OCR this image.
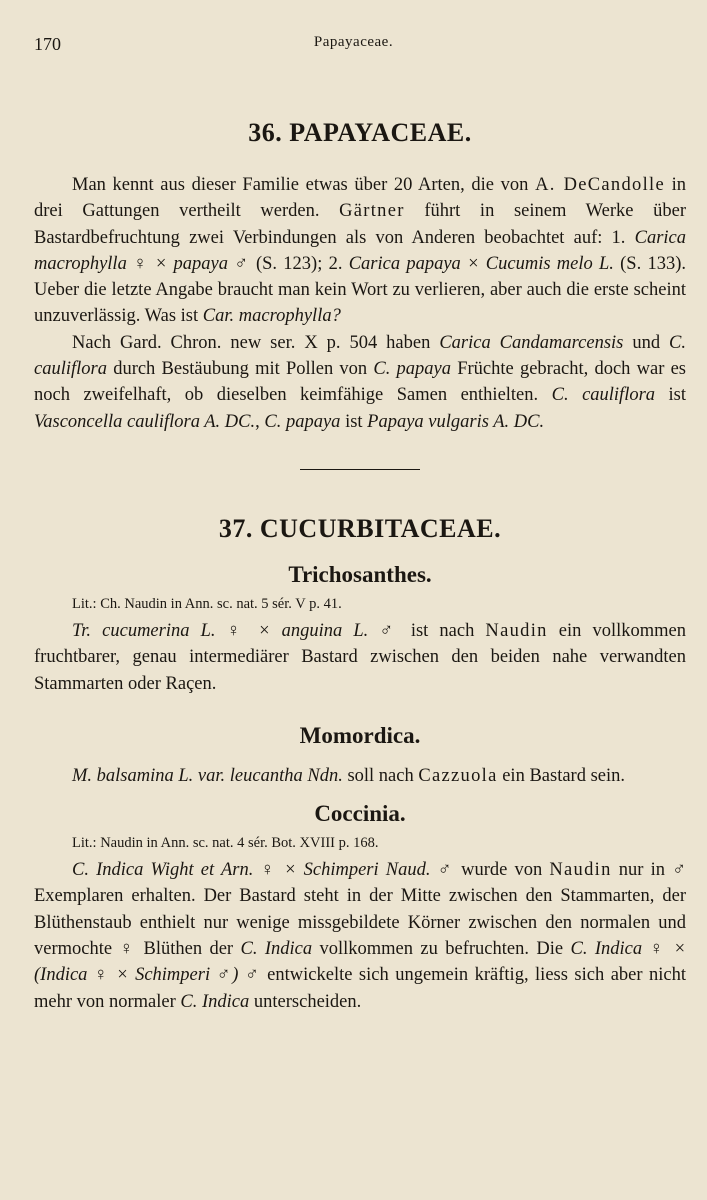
170	Papayaceae.
36. PAPAYACEAE.

Man kennt aus dieser Familie etwas über 20 Arten, die von A. DeCandolle in drei Gattungen vertheilt werden. Gärtner führt in seinem Werke über Bastardbefruchtung zwei Verbindungen als von Anderen beobachtet auf: 1. Carica macrophylla ♀ × papaya ♂ (S. 123); 2. Carica papaya × Cucumis melo L. (S. 133). Ueber die letzte Angabe braucht man kein Wort zu verlieren, aber auch die erste scheint unzuverlässig. Was ist Car. macrophylla?

Nach Gard. Chron. new ser. X p. 504 haben Carica Candamarcensis und C. cauliflora durch Bestäubung mit Pollen von C. papaya Früchte gebracht, doch war es noch zweifelhaft, ob dieselben keimfähige Samen enthielten. C. cauliflora ist Vasconcella cauliflora A. DC., C. papaya ist Papaya vulgaris A. DC.

37. CUCURBITACEAE.
Trichosanthes.

Lit.: Ch. Naudin in Ann. sc. nat. 5 sér. V p. 41.

Tr. cucumerina L. ♀ × anguina L. ♂ ist nach Naudin ein vollkommen fruchtbarer, genau intermediärer Bastard zwischen den beiden nahe verwandten Stammarten oder Raçen.

Momordica.

M. balsamina L. var. leucantha Ndn. soll nach Cazzuola ein Bastard sein.

Coccinia.

Lit.: Naudin in Ann. sc. nat. 4 sér. Bot. XVIII p. 168.

C. Indica Wight et Arn. ♀ × Schimperi Naud. ♂ wurde von Naudin nur in ♂ Exemplaren erhalten. Der Bastard steht in der Mitte zwischen den Stammarten, der Blüthenstaub enthielt nur wenige missgebildete Körner zwischen den normalen und vermochte ♀ Blüthen der C. Indica vollkommen zu befruchten. Die C. Indica ♀ × (Indica ♀ × Schimperi ♂) ♂ entwickelte sich ungemein kräftig, liess sich aber nicht mehr von normaler C. Indica unterscheiden.
